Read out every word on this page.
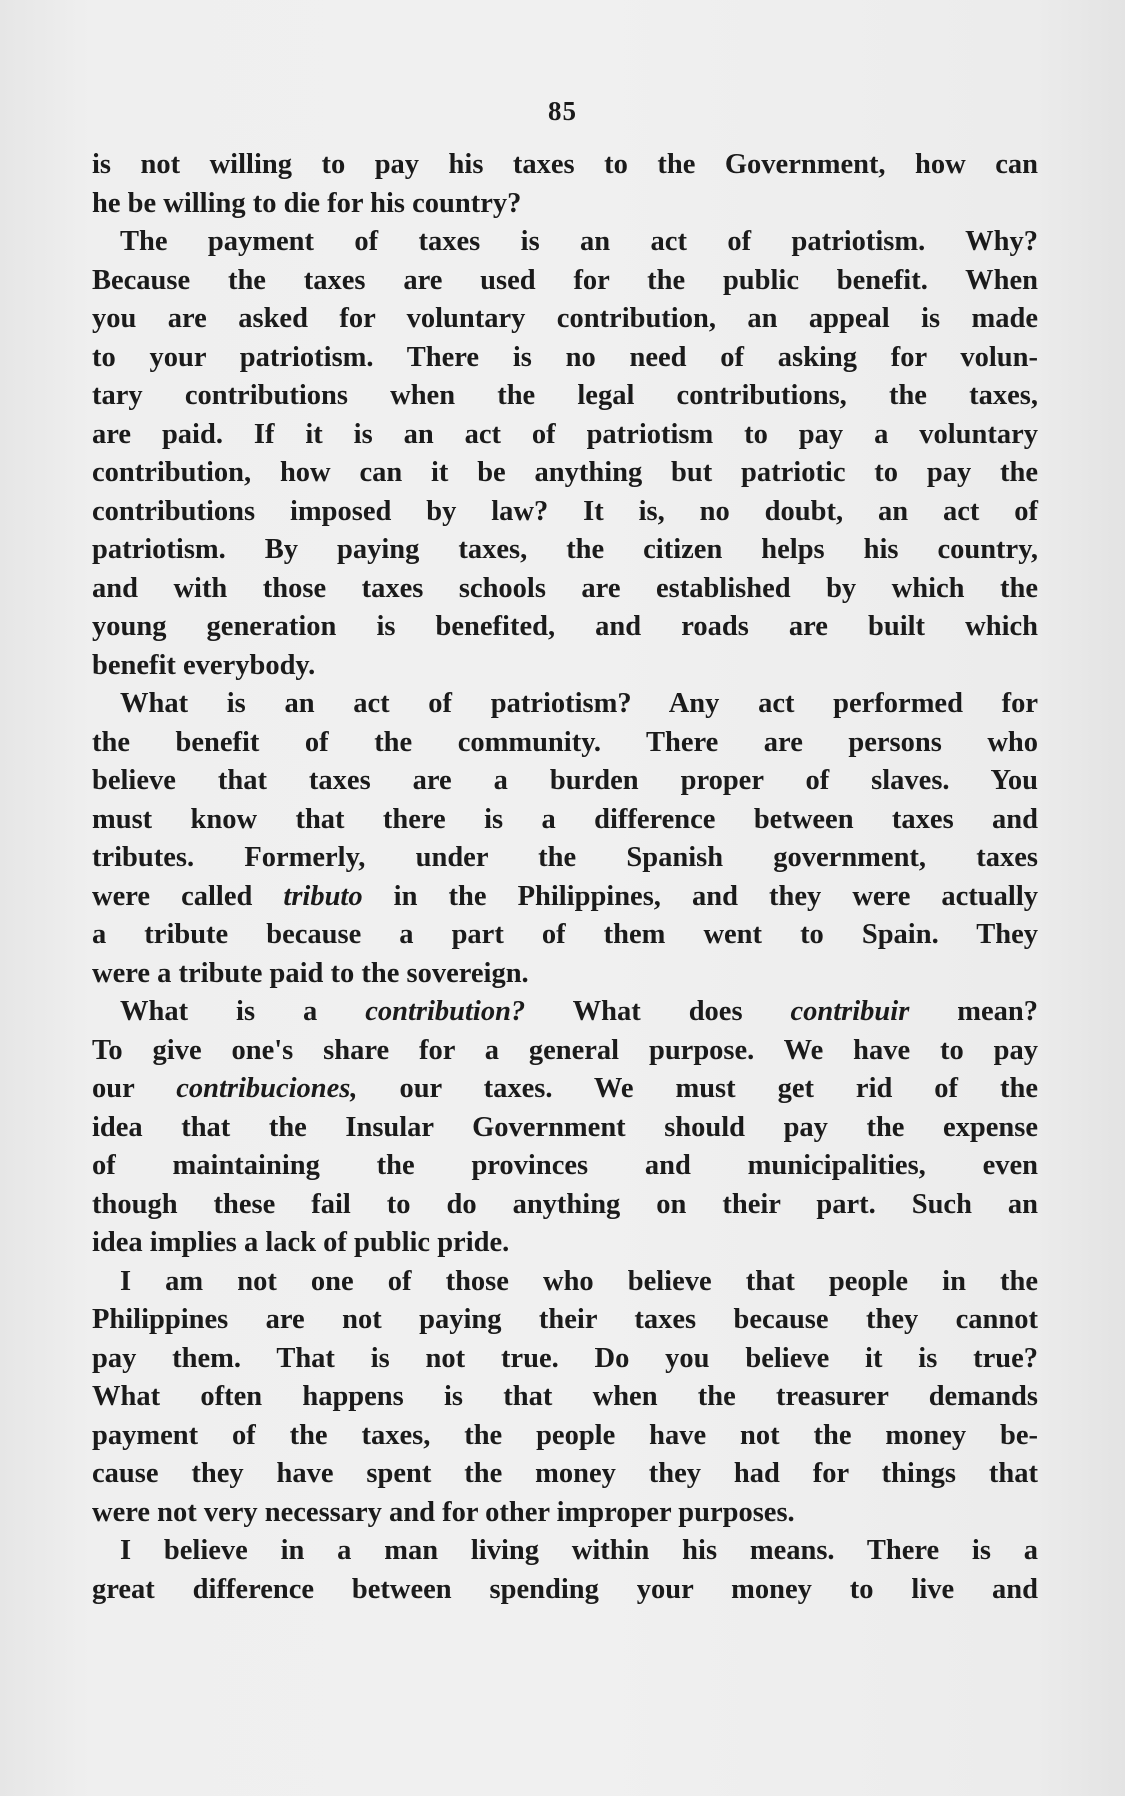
85
is not willing to pay his taxes to the Government, how can
he be willing to die for his country?
The payment of taxes is an act of patriotism. Why?
Because the taxes are used for the public benefit. When
you are asked for voluntary contribution, an appeal is made
to your patriotism. There is no need of asking for volun-
tary contributions when the legal contributions, the taxes,
are paid. If it is an act of patriotism to pay a voluntary
contribution, how can it be anything but patriotic to pay the
contributions imposed by law? It is, no doubt, an act of
patriotism. By paying taxes, the citizen helps his country,
and with those taxes schools are established by which the
young generation is benefited, and roads are built which
benefit everybody.
What is an act of patriotism? Any act performed for
the benefit of the community. There are persons who
believe that taxes are a burden proper of slaves. You
must know that there is a difference between taxes and
tributes. Formerly, under the Spanish government, taxes
were called tributo in the Philippines, and they were actually
a tribute because a part of them went to Spain. They
were a tribute paid to the sovereign.
What is a contribution? What does contribuir mean?
To give one's share for a general purpose. We have to pay
our contribuciones, our taxes. We must get rid of the
idea that the Insular Government should pay the expense
of maintaining the provinces and municipalities, even
though these fail to do anything on their part. Such an
idea implies a lack of public pride.
I am not one of those who believe that people in the
Philippines are not paying their taxes because they cannot
pay them. That is not true. Do you believe it is true?
What often happens is that when the treasurer demands
payment of the taxes, the people have not the money be-
cause they have spent the money they had for things that
were not very necessary and for other improper purposes.
I believe in a man living within his means. There is a
great difference between spending your money to live and
